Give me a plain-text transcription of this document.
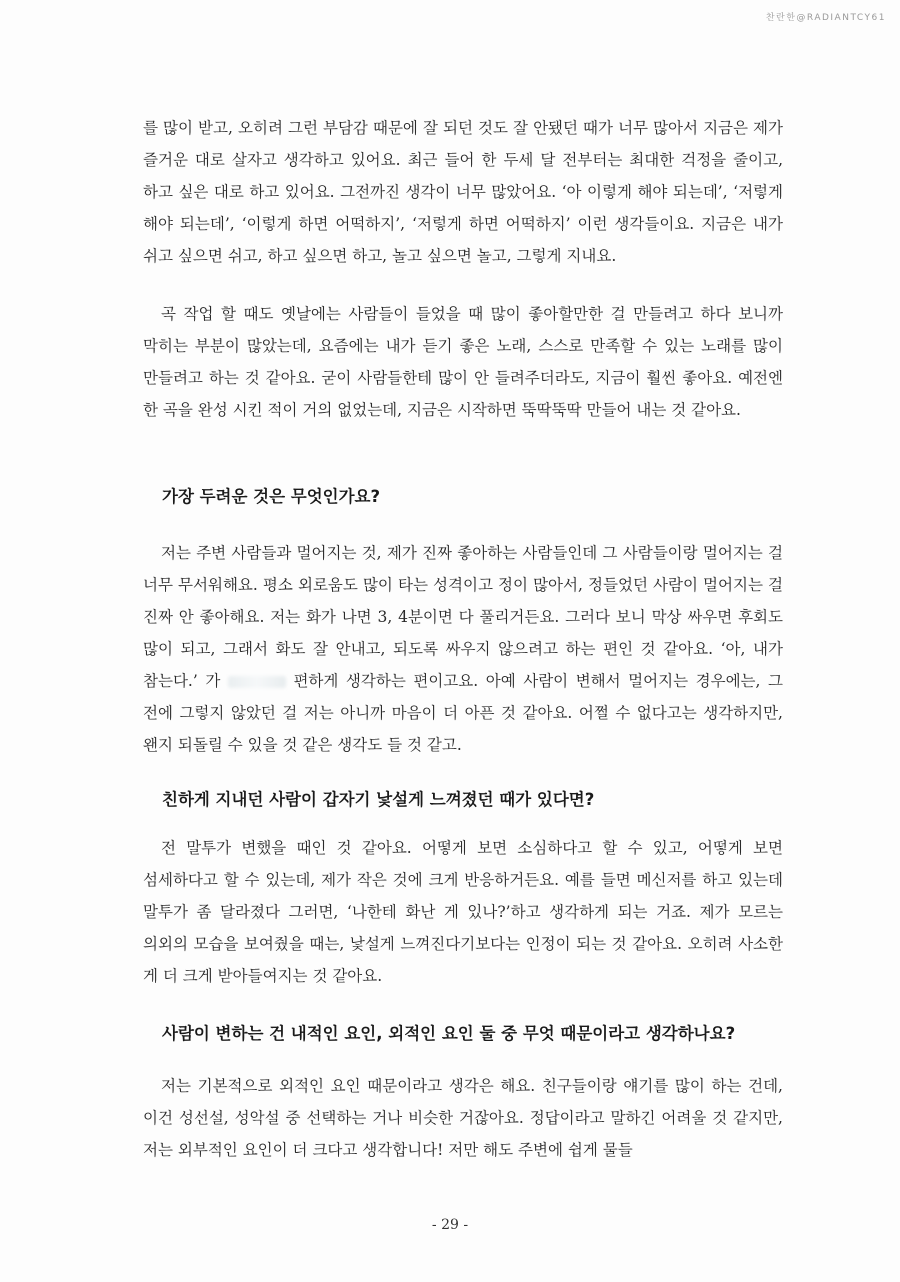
찬란한@RADIANTCY61

를 많이 받고, 오히려 그런 부담감 때문에 잘 되던 것도 잘 안됐던 때가 너무 많아서 지금은 제가 즐거운 대로 살자고 생각하고 있어요. 최근 들어 한 두세 달 전부터는 최대한 걱정을 줄이고, 하고 싶은 대로 하고 있어요. 그전까진 생각이 너무 많았어요. ‘아 이렇게 해야 되는데’, ‘저렇게 해야 되는데’, ‘이렇게 하면 어떡하지’, ‘저렇게 하면 어떡하지’ 이런 생각들이요. 지금은 내가 쉬고 싶으면 쉬고, 하고 싶으면 하고, 놀고 싶으면 놀고, 그렇게 지내요.

곡 작업 할 때도 옛날에는 사람들이 들었을 때 많이 좋아할만한 걸 만들려고 하다 보니까 막히는 부분이 많았는데, 요즘에는 내가 듣기 좋은 노래, 스스로 만족할 수 있는 노래를 많이 만들려고 하는 것 같아요. 굳이 사람들한테 많이 안 들려주더라도, 지금이 훨씬 좋아요. 예전엔 한 곡을 완성 시킨 적이 거의 없었는데, 지금은 시작하면 뚝딱뚝딱 만들어 내는 것 같아요.

가장 두려운 것은 무엇인가요?

저는 주변 사람들과 멀어지는 것, 제가 진짜 좋아하는 사람들인데 그 사람들이랑 멀어지는 걸 너무 무서워해요. 평소 외로움도 많이 타는 성격이고 정이 많아서, 정들었던 사람이 멀어지는 걸 진짜 안 좋아해요. 저는 화가 나면 3, 4분이면 다 풀리거든요. 그러다 보니 막상 싸우면 후회도 많이 되고, 그래서 화도 잘 안내고, 되도록 싸우지 않으려고 하는 편인 것 같아요. ‘아, 내가 참는다.’ 가	편하게 생각하는 편이고요. 아예 사람이 변해서 멀어지는 경우에는, 그 전에 그렇지 않았던 걸 저는 아니까 마음이 더 아픈 것 같아요. 어쩔 수 없다고는 생각하지만, 왠지 되돌릴 수 있을 것 같은 생각도 들 것 같고.

친하게 지내던 사람이 갑자기 낯설게 느껴졌던 때가 있다면?

전 말투가 변했을 때인 것 같아요. 어떻게 보면 소심하다고 할 수 있고, 어떻게 보면 섬세하다고 할 수 있는데, 제가 작은 것에 크게 반응하거든요. 예를 들면 메신저를 하고 있는데 말투가 좀 달라졌다 그러면, ‘나한테 화난 게 있나?’하고 생각하게 되는 거죠. 제가 모르는 의외의 모습을 보여줬을 때는, 낯설게 느껴진다기보다는 인정이 되는 것 같아요. 오히려 사소한 게 더 크게 받아들여지는 것 같아요.

사람이 변하는 건 내적인 요인, 외적인 요인 둘 중 무엇 때문이라고 생각하나요?

저는 기본적으로 외적인 요인 때문이라고 생각은 해요. 친구들이랑 얘기를 많이 하는 건데, 이건 성선설, 성악설 중 선택하는 거나 비슷한 거잖아요. 정답이라고 말하긴 어려울 것 같지만, 저는 외부적인 요인이 더 크다고 생각합니다! 저만 해도 주변에 쉽게 물들

- 29 -
